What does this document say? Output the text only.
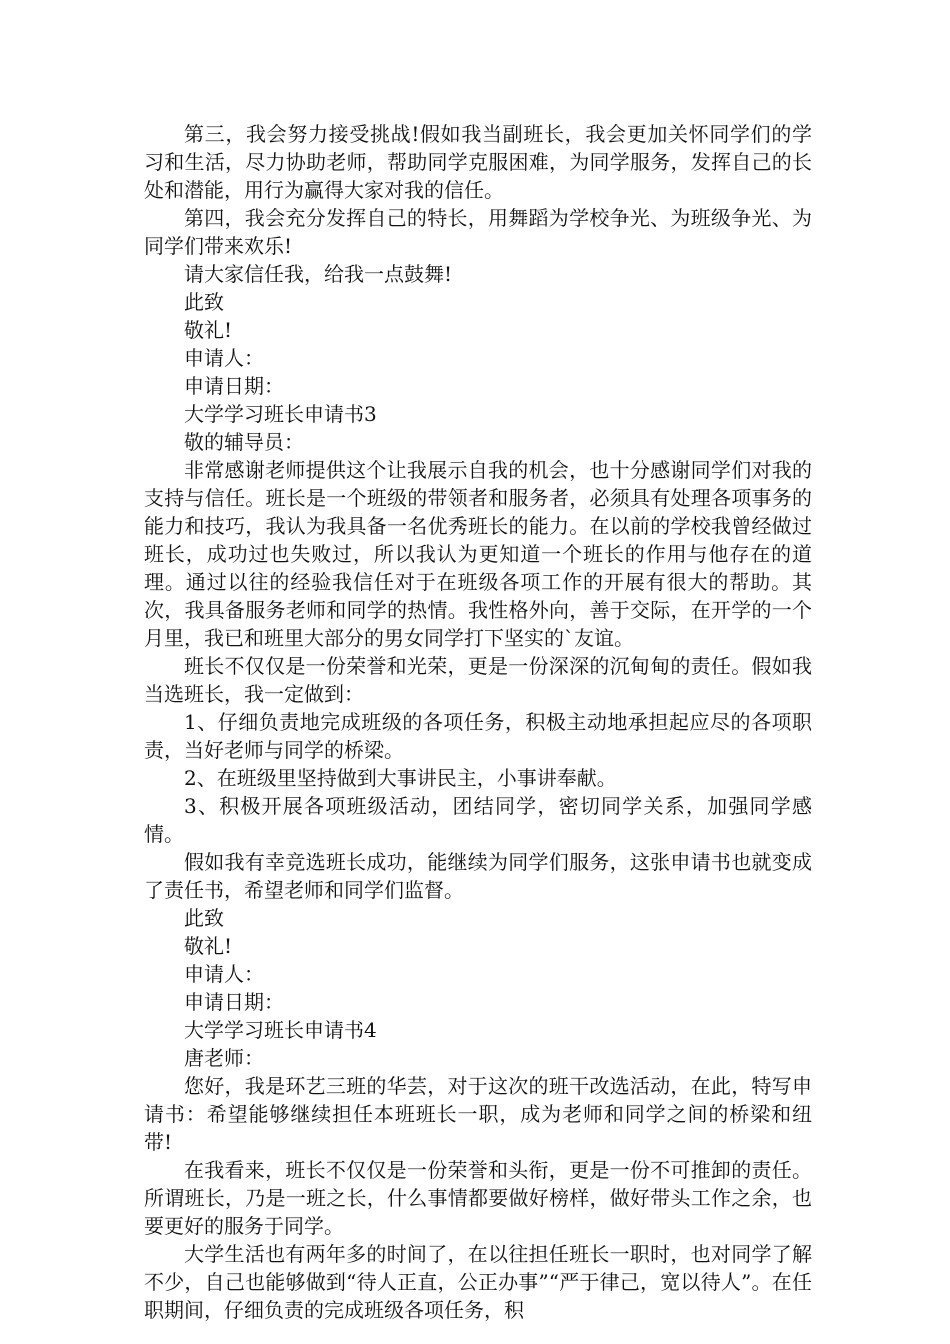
第三，我会努力接受挑战!假如我当副班长，我会更加关怀同学们的学习和生活，尽力协助老师，帮助同学克服困难，为同学服务，发挥自己的长处和潜能，用行为赢得大家对我的信任。

第四，我会充分发挥自己的特长，用舞蹈为学校争光、为班级争光、为同学们带来欢乐!

请大家信任我，给我一点鼓舞!

此致

敬礼!

申请人：

申请日期：

大学学习班长申请书3

敬的辅导员：

非常感谢老师提供这个让我展示自我的机会，也十分感谢同学们对我的支持与信任。班长是一个班级的带领者和服务者，必须具有处理各项事务的能力和技巧，我认为我具备一名优秀班长的能力。在以前的学校我曾经做过班长，成功过也失败过，所以我认为更知道一个班长的作用与他存在的道理。通过以往的经验我信任对于在班级各项工作的开展有很大的帮助。其次，我具备服务老师和同学的热情。我性格外向，善于交际，在开学的一个月里，我已和班里大部分的男女同学打下坚实的`友谊。

班长不仅仅是一份荣誉和光荣，更是一份深深的沉甸甸的责任。假如我当选班长，我一定做到：

1、仔细负责地完成班级的各项任务，积极主动地承担起应尽的各项职责，当好老师与同学的桥梁。

2、在班级里坚持做到大事讲民主，小事讲奉献。

3、积极开展各项班级活动，团结同学，密切同学关系，加强同学感情。

假如我有幸竞选班长成功，能继续为同学们服务，这张申请书也就变成了责任书，希望老师和同学们监督。

此致

敬礼!

申请人：

申请日期：

大学学习班长申请书4

唐老师：

您好，我是环艺三班的华芸，对于这次的班干改选活动，在此，特写申请书：希望能够继续担任本班班长一职，成为老师和同学之间的桥梁和纽带!

在我看来，班长不仅仅是一份荣誉和头衔，更是一份不可推卸的责任。所谓班长，乃是一班之长，什么事情都要做好榜样，做好带头工作之余，也要更好的服务于同学。

大学生活也有两年多的时间了，在以往担任班长一职时，也对同学了解不少，自己也能够做到“待人正直，公正办事”“严于律己，宽以待人”。在任职期间，仔细负责的完成班级各项任务，积
